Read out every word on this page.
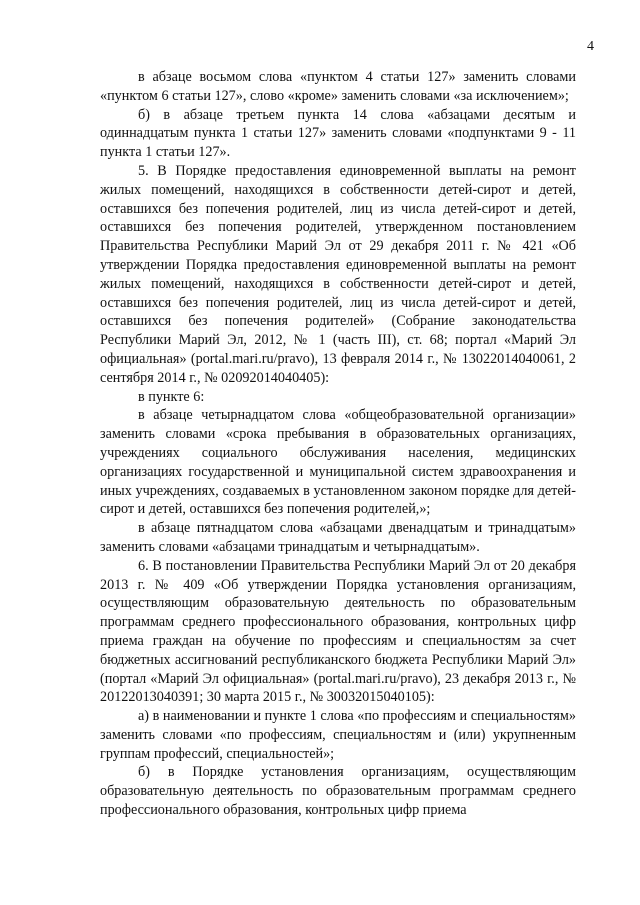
4

в абзаце восьмом слова «пунктом 4 статьи 127» заменить словами «пунктом 6 статьи 127», слово «кроме» заменить словами «за исключением»;

б) в абзаце третьем пункта 14 слова «абзацами десятым и одиннадцатым пункта 1 статьи 127» заменить словами «подпунктами 9 - 11 пункта 1 статьи 127».

5. В Порядке предоставления единовременной выплаты на ремонт жилых помещений, находящихся в собственности детей-сирот и детей, оставшихся без попечения родителей, лиц из числа детей-сирот и детей, оставшихся без попечения родителей, утвержденном постановлением Правительства Республики Марий Эл от 29 декабря 2011 г. № 421 «Об утверждении Порядка предоставления единовременной выплаты на ремонт жилых помещений, находящихся в собственности детей-сирот и детей, оставшихся без попечения родителей, лиц из числа детей-сирот и детей, оставшихся без попечения родителей» (Собрание законодательства Республики Марий Эл, 2012, № 1 (часть III), ст. 68; портал «Марий Эл официальная» (portal.mari.ru/pravo), 13 февраля 2014 г., № 13022014040061, 2 сентября 2014 г., № 02092014040405):

в пункте 6:

в абзаце четырнадцатом слова «общеобразовательной организации» заменить словами «срока пребывания в образовательных организациях, учреждениях социального обслуживания населения, медицинских организациях государственной и муниципальной систем здравоохранения и иных учреждениях, создаваемых в установленном законом порядке для детей-сирот и детей, оставшихся без попечения родителей,»;

в абзаце пятнадцатом слова «абзацами двенадцатым и тринадцатым» заменить словами «абзацами тринадцатым и четырнадцатым».

6. В постановлении Правительства Республики Марий Эл от 20 декабря 2013 г. № 409 «Об утверждении Порядка установления организациям, осуществляющим образовательную деятельность по образовательным программам среднего профессионального образования, контрольных цифр приема граждан на обучение по профессиям и специальностям за счет бюджетных ассигнований республиканского бюджета Республики Марий Эл» (портал «Марий Эл официальная» (portal.mari.ru/pravo), 23 декабря 2013 г., № 20122013040391; 30 марта 2015 г., № 30032015040105):

а) в наименовании и пункте 1 слова «по профессиям и специальностям» заменить словами «по профессиям, специальностям и (или) укрупненным группам профессий, специальностей»;

б) в Порядке установления организациям, осуществляющим образовательную деятельность по образовательным программам среднего профессионального образования, контрольных цифр приема
